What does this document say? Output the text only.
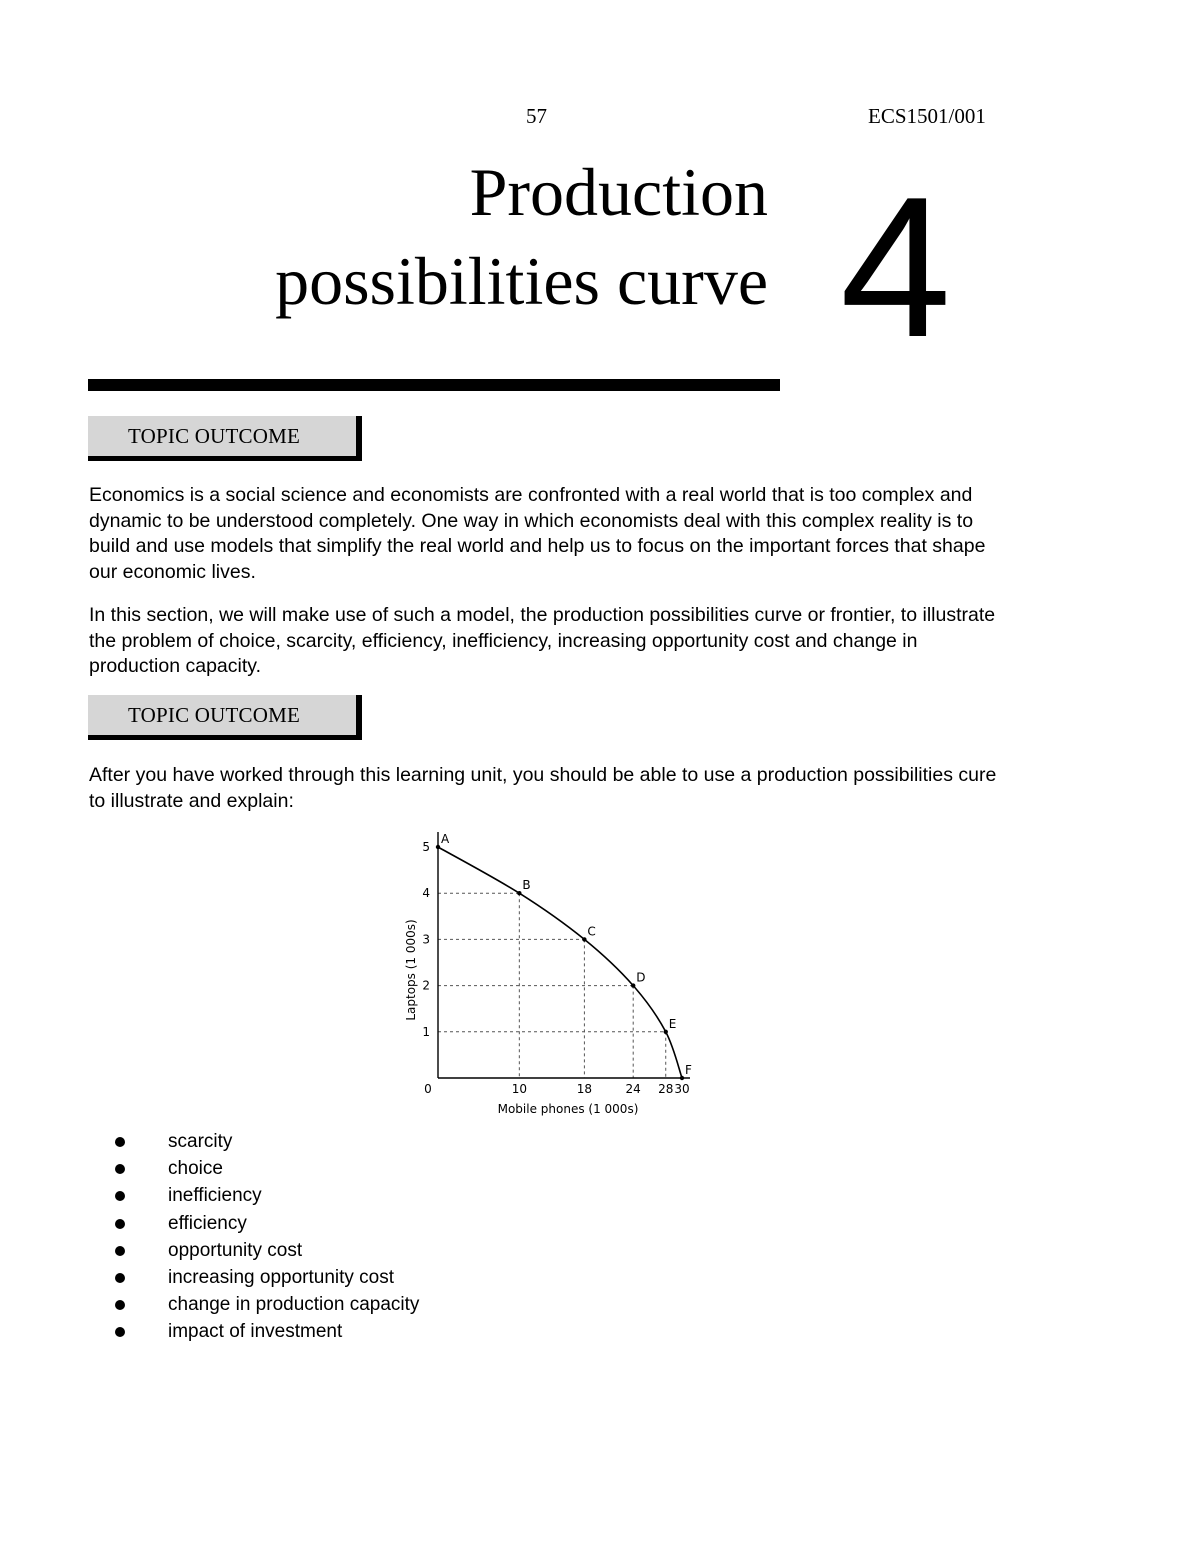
57	ECS1501/001
Production
possibilities curve 4
TOPIC OUTCOME
Economics is a social science and economists are confronted with a real world that is too complex and dynamic to be understood completely. One way in which economists deal with this complex reality is to build and use models that simplify the real world and help us to focus on the important forces that shape our economic lives.
In this section, we will make use of such a model, the production possibilities curve or frontier, to illustrate the problem of choice, scarcity, efficiency, inefficiency, increasing opportunity cost and change in production capacity.
TOPIC OUTCOME
After you have worked through this learning unit, you should be able to use a production possibilities cure to illustrate and explain:
A
B
C
D
E
F
0	10	18	24 28 30
1
2
3
4
5
Mobile phones (1 000s)
Laptops (1 000s)
scarcity
choice
inefficiency
efficiency
opportunity cost
increasing opportunity cost
change in production capacity
impact of investment
